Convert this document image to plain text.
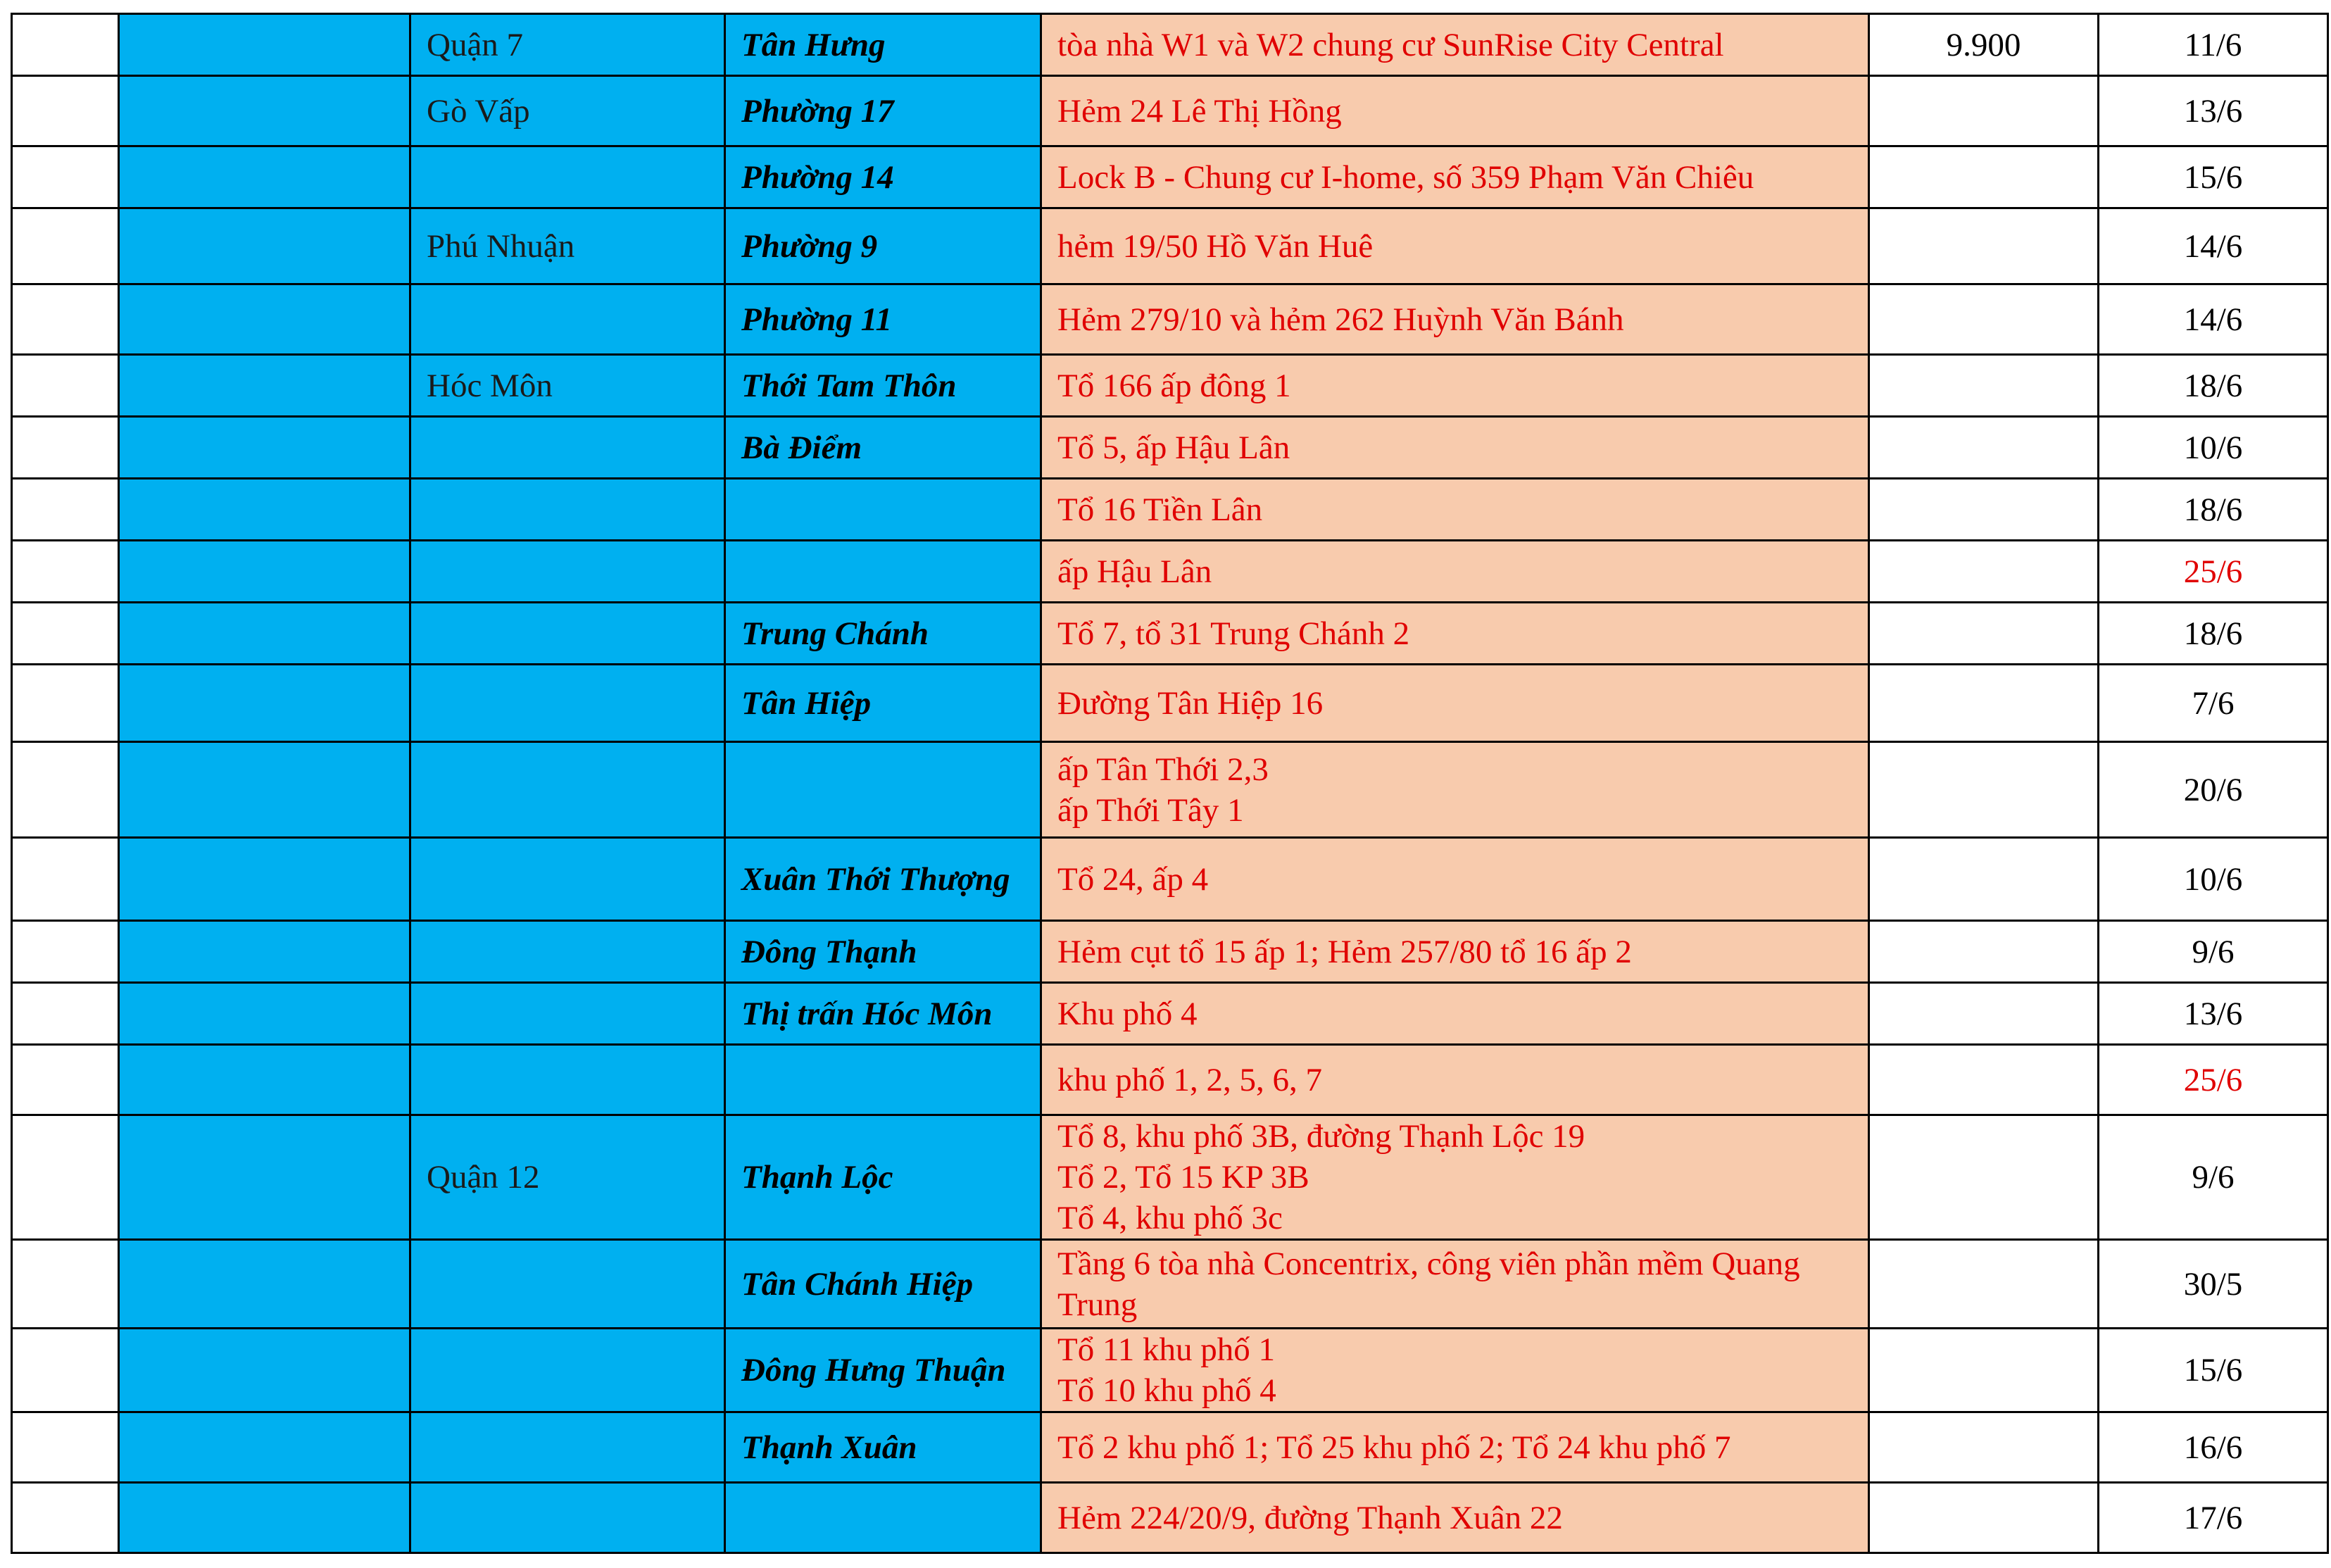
		Quận 7	Tân Hưng	tòa nhà W1 và W2 chung cư SunRise City Central	9.900	11/6
		Gò Vấp	Phường 17	Hẻm 24 Lê Thị Hồng		13/6
			Phường 14	Lock B - Chung cư I-home, số 359 Phạm Văn Chiêu		15/6
		Phú Nhuận	Phường 9	hẻm 19/50 Hồ Văn Huê		14/6
			Phường 11	Hẻm 279/10 và hẻm 262 Huỳnh Văn Bánh		14/6
		Hóc Môn	Thới Tam Thôn	Tổ 166 ấp đông 1		18/6
			Bà Điểm	Tổ 5, ấp Hậu Lân		10/6

				Tổ 16 Tiền Lân		18/6

				ấp Hậu Lân		25/6
			Trung Chánh	Tổ 7, tổ 31 Trung Chánh 2		18/6
			Tân Hiệp	Đường Tân Hiệp 16		7/6

				ấp Tân Thới 2,3
ấp Thới Tây 1		20/6
			Xuân Thới Thượng	Tổ 24, ấp 4		10/6
			Đông Thạnh	Hẻm cụt tổ 15 ấp 1; Hẻm 257/80 tổ 16 ấp 2		9/6
			Thị trấn Hóc Môn	Khu phố 4		13/6

				khu phố 1, 2, 5, 6, 7		25/6
		Quận 12	Thạnh Lộc	Tổ 8, khu phố 3B, đường Thạnh Lộc 19
Tổ 2, Tổ 15 KP 3B
Tổ 4, khu phố 3c		9/6
			Tân Chánh Hiệp	Tầng 6 tòa nhà Concentrix, công viên phần mềm Quang Trung		30/5
			Đông Hưng Thuận	Tổ 11 khu phố 1
Tổ 10 khu phố 4		15/6
			Thạnh Xuân	Tổ 2 khu phố 1; Tổ 25 khu phố 2; Tổ 24 khu phố 7		16/6

				Hẻm 224/20/9, đường Thạnh Xuân 22		17/6
